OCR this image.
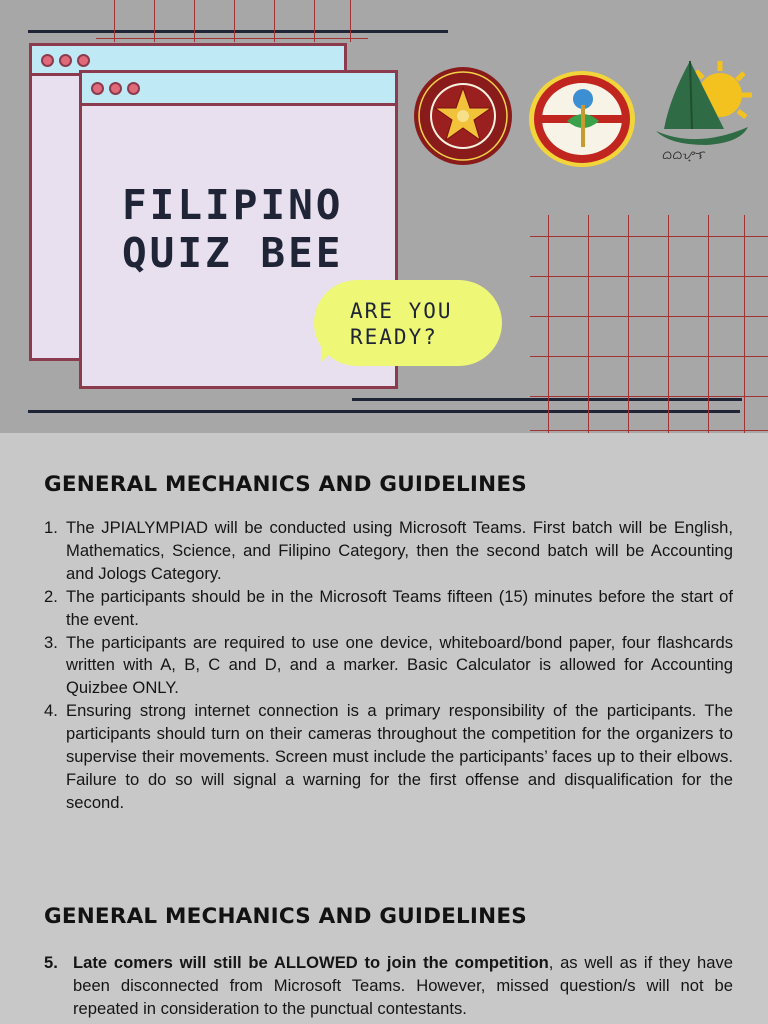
FILIPINO
QUIZ BEE
ARE YOU
READY?
ᜊᜊᜌ᜔ᜎ
GENERAL MECHANICS AND GUIDELINES
1. The JPIALYMPIAD will be conducted using Microsoft Teams. First batch will be English, Mathematics, Science, and Filipino Category, then the second batch will be Accounting and Jologs Category.
2. The participants should be in the Microsoft Teams fifteen (15) minutes before the start of the event.
3. The participants are required to use one device, whiteboard/bond paper, four flashcards written with A, B, C and D, and a marker. Basic Calculator is allowed for Accounting Quizbee ONLY.
4. Ensuring strong internet connection is a primary responsibility of the participants. The participants should turn on their cameras throughout the competition for the organizers to supervise their movements. Screen must include the participants’ faces up to their elbows. Failure to do so will signal a warning for the first offense and disqualification for the second.
GENERAL MECHANICS AND GUIDELINES
5. Late comers will still be ALLOWED to join the competition, as well as if they have been disconnected from Microsoft Teams. However, missed question/s will not be repeated in consideration to the punctual contestants.
